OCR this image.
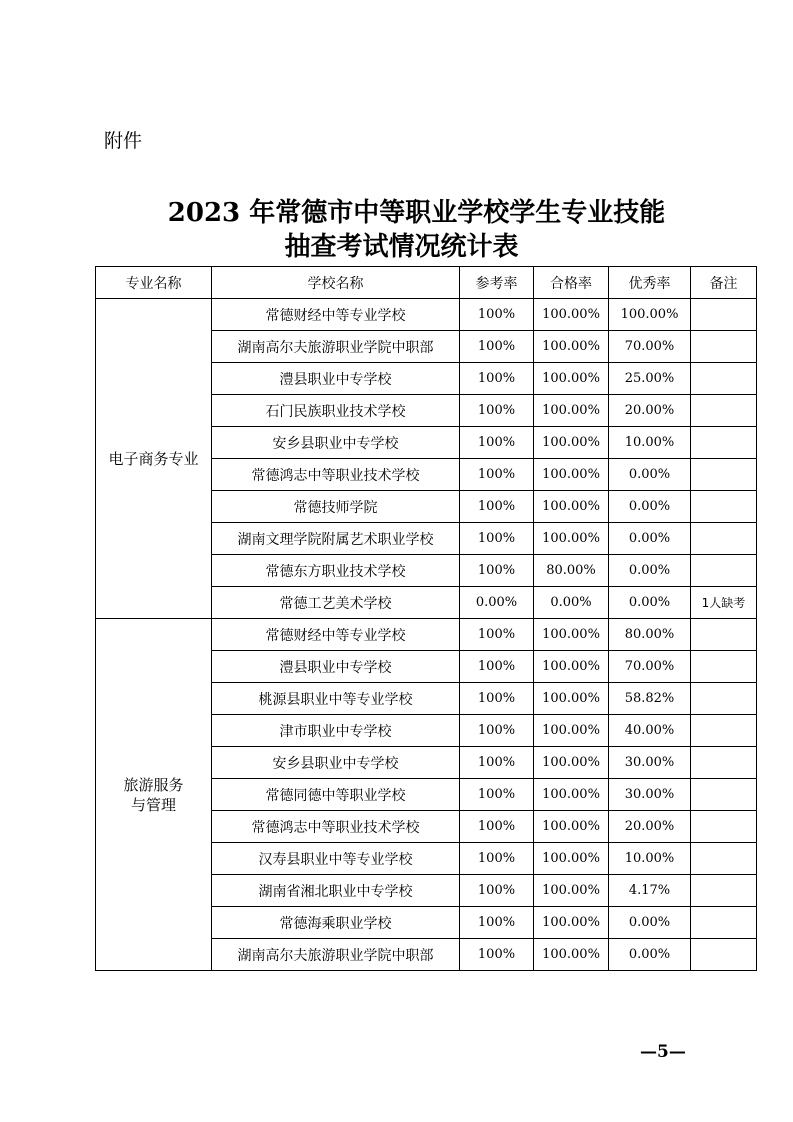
附件
2023 年常德市中等职业学校学生专业技能
抽查考试情况统计表
专业名称	学校名称	参考率	合格率	优秀率	备注

电子商务专业	常德财经中等专业学校	100%	100.00%	100.00%	
	湖南高尔夫旅游职业学院中职部	100%	100.00%	70.00%	
	澧县职业中专学校	100%	100.00%	25.00%	
	石门民族职业技术学校	100%	100.00%	20.00%	
	安乡县职业中专学校	100%	100.00%	10.00%	
	常德鸿志中等职业技术学校	100%	100.00%	0.00%	
	常德技师学院	100%	100.00%	0.00%	
	湖南文理学院附属艺术职业学校	100%	100.00%	0.00%	
	常德东方职业技术学校	100%	80.00%	0.00%	
	常德工艺美术学校	0.00%	0.00%	0.00%	1人缺考

旅游服务
与管理	常德财经中等专业学校	100%	100.00%	80.00%	
	澧县职业中专学校	100%	100.00%	70.00%	
	桃源县职业中等专业学校	100%	100.00%	58.82%	
	津市职业中专学校	100%	100.00%	40.00%	
	安乡县职业中专学校	100%	100.00%	30.00%	
	常德同德中等职业学校	100%	100.00%	30.00%	
	常德鸿志中等职业技术学校	100%	100.00%	20.00%	
	汉寿县职业中等专业学校	100%	100.00%	10.00%	
	湖南省湘北职业中专学校	100%	100.00%	4.17%	
	常德海乘职业学校	100%	100.00%	0.00%	
	湖南高尔夫旅游职业学院中职部	100%	100.00%	0.00%	
—5—
